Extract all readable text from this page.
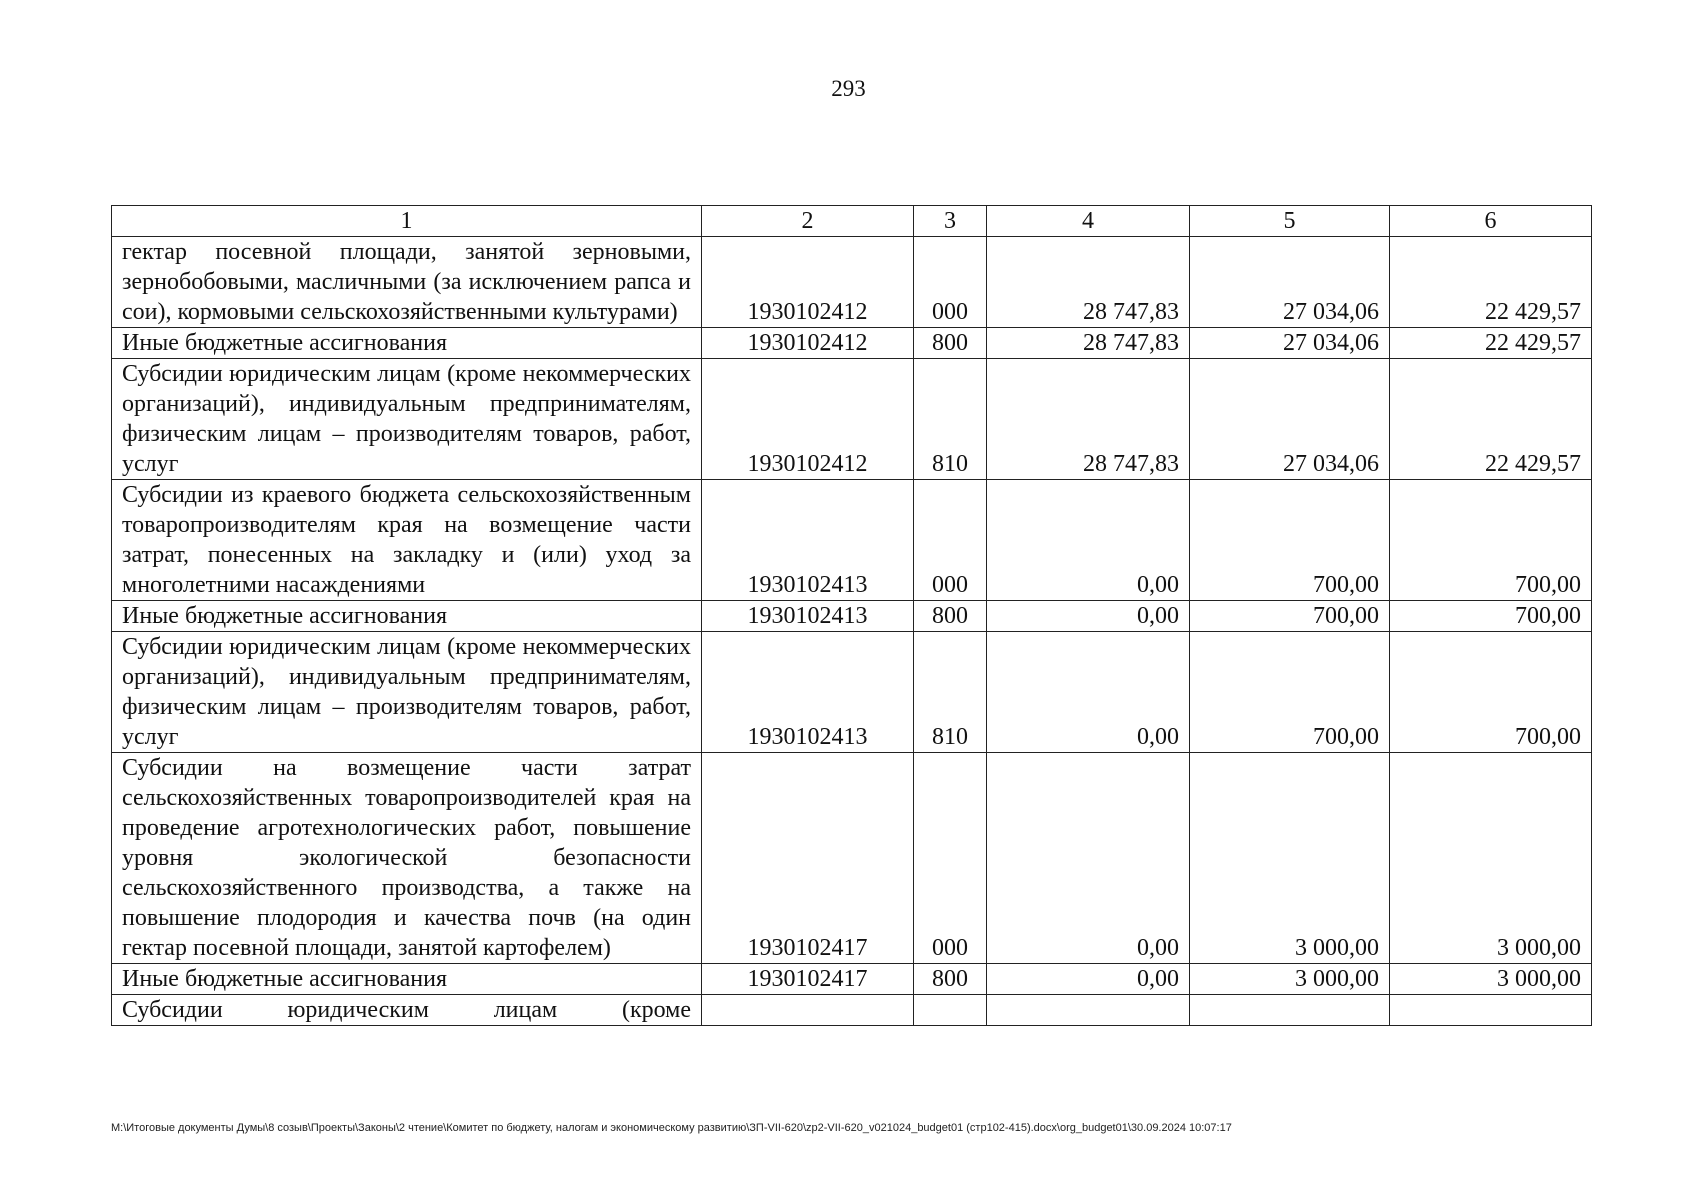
293
1	2	3	4	5	6
гектар посевной площади, занятой зерновыми, зернобобовыми, масличными (за исключением рапса и сои), кормовыми сельскохозяйственными культурами)	1930102412	000	28 747,83	27 034,06	22 429,57
Иные бюджетные ассигнования	1930102412	800	28 747,83	27 034,06	22 429,57
Субсидии юридическим лицам (кроме некоммерческих организаций), индивидуальным предпринимателям, физическим лицам – производителям товаров, работ, услуг	1930102412	810	28 747,83	27 034,06	22 429,57
Субсидии из краевого бюджета сельскохозяйственным товаропроизводителям края на возмещение части затрат, понесенных на закладку и (или) уход за многолетними насаждениями	1930102413	000	0,00	700,00	700,00
Иные бюджетные ассигнования	1930102413	800	0,00	700,00	700,00
Субсидии юридическим лицам (кроме некоммерческих организаций), индивидуальным предпринимателям, физическим лицам – производителям товаров, работ, услуг	1930102413	810	0,00	700,00	700,00
Субсидии на возмещение части затрат сельскохозяйственных товаропроизводителей края на проведение агротехнологических работ, повышение уровня экологической безопасности сельскохозяйственного производства, а также на повышение плодородия и качества почв (на один гектар посевной площади, занятой картофелем)	1930102417	000	0,00	3 000,00	3 000,00
Иные бюджетные ассигнования	1930102417	800	0,00	3 000,00	3 000,00
Субсидии юридическим лицам (кроме					
M:\Итоговые документы Думы\8 созыв\Проекты\Законы\2 чтение\Комитет по бюджету, налогам и экономическому развитию\ЗП-VII-620\zp2-VII-620_v021024_budget01 (стр102-415).docx\org_budget01\30.09.2024 10:07:17
